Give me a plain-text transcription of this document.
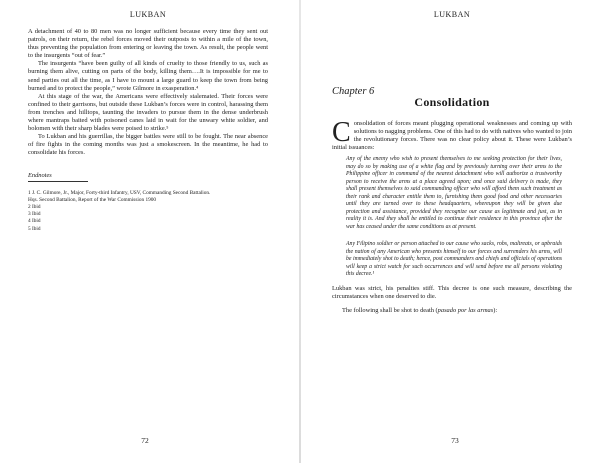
LUKBAN

A detachment of 40 to 80 men was no longer sufficient because every time they sent out patrols, on their return, the rebel forces moved their outposts to within a mile of the town, thus preventing the population from entering or leaving the town. As result, the people went to the insurgents “out of fear.”

The insurgents “have been guilty of all kinds of cruelty to those friendly to us, such as burning them alive, cutting on parts of the body, killing them….It is impossible for me to send parties out all the time, as I have to mount a large guard to keep the town from being burned and to protect the people,” wrote Gilmore in exasperation.⁴

At this stage of the war, the Americans were effectively stalemated. Their forces were confined to their garrisons, but outside these Lukban’s forces were in control, harassing them from trenches and hilltops, taunting the invaders to pursue them in the dense underbrush where mantraps baited with poisoned canes laid in wait for the unwary white soldier, and bolomen with their sharp blades were poised to strike.⁵

To Lukban and his guerrillas, the bigger battles were still to be fought. The near absence of fire fights in the coming months was just a smokescreen. In the meantime, he had to consolidate his forces.

Endnotes
1 J. C. Gilmore, Jr., Major, Forty-third Infantry, USV, Commanding Second Battalion.
Hqs. Second Battalion, Report of the War Commission 1900
2 Ibid
3 Ibid
4 Ibid
5 Ibid
72
LUKBAN
Chapter 6
Consolidation

C onsolidation of forces meant plugging operational weaknesses and coming up with solutions to nagging problems. One of this had to do with natives who wanted to join the revolutionary forces. There was no clear policy about it. These were Lukban’s initial issuances:

Any of the enemy who wish to present themselves to me seeking protection for their lives, may do so by making use of a white flag and by previously turning over their arms to the Philippine officer in command of the nearest detachment who will authorize a trustworthy person to receive the arms at a place agreed upon; and once said delivery is made, they shall present themselves to said commanding officer who will afford them such treatment as their rank and character entitle them to, furnishing them good food and other necessaries until they are turned over to these headquarters, whereupon they will be given due protection and assistance, provided they recognize our cause as legitimate and just, as in reality it is. And they shall be entitled to continue their residence in this province after the war has ceased under the same conditions as at present.

Any Filipino soldier or person attached to our cause who sacks, robs, maltreats, or upbraids the nation of any American who presents himself to our forces and surrenders his arms, will be immediately shot to death; hence, post commanders and chiefs and officials of operations will keep a strict watch for such occurrences and will send before me all persons violating this decree.¹

Lukban was strict, his penalties stiff. This decree is one such measure, describing the circumstances when one deserved to die.

The following shall be shot to death (pasado por las armas):

73
